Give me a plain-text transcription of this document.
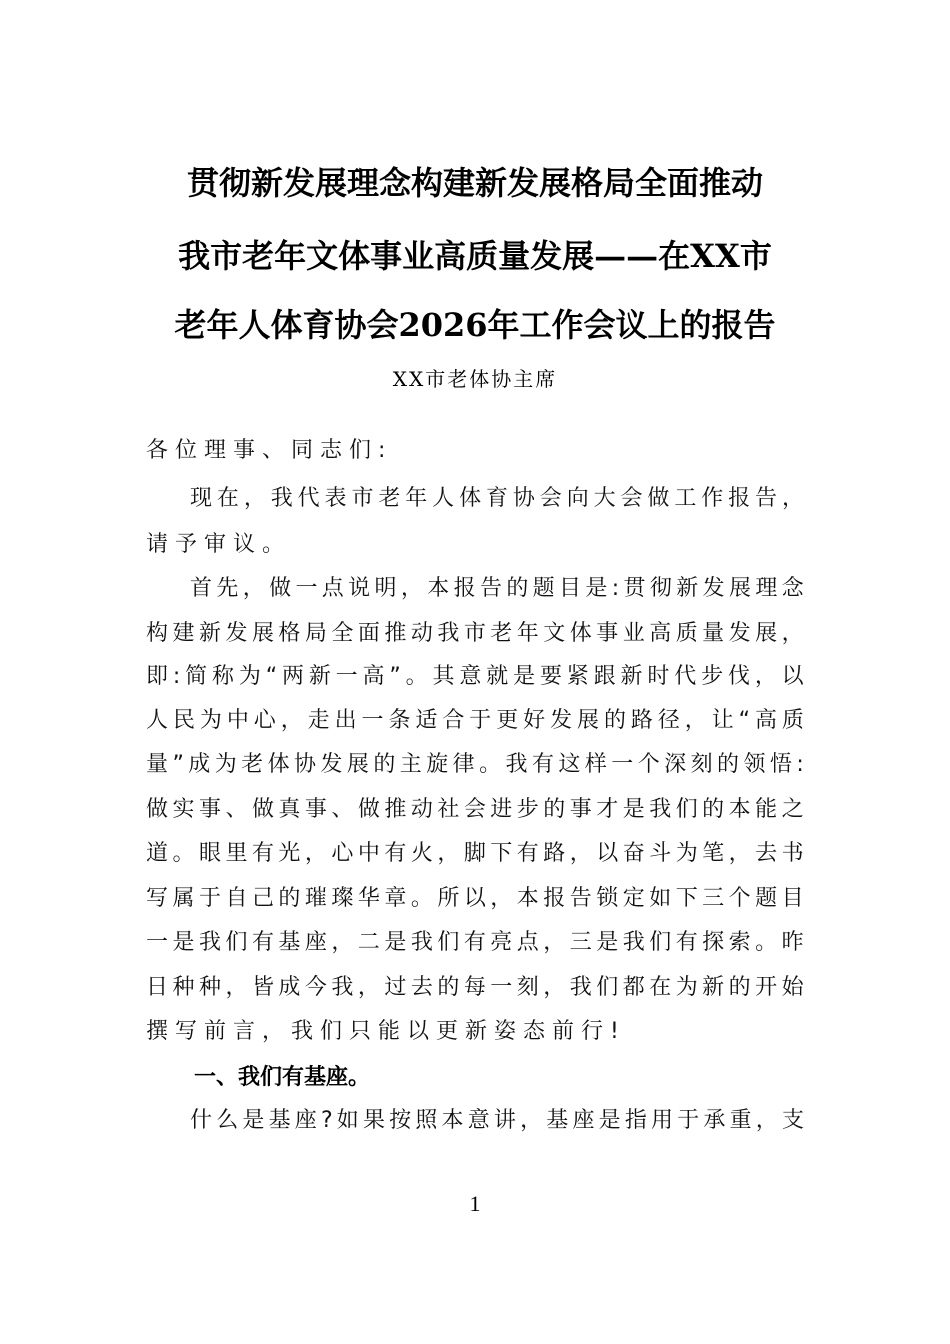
贯彻新发展理念构建新发展格局全面推动
我市老年文体事业高质量发展——在XX市
老年人体育协会2026年工作会议上的报告
XX市老体协主席
各位理事、同志们:
现 在 ， 我 代 表 市 老 年 人 体 育 协 会 向 大 会 做 工 作 报 告 ，
请予审议。
首 先 ， 做 一 点 说 明 ， 本 报 告 的 题 目 是 : 贯 彻 新 发 展 理 念
构 建 新 发 展 格 局 全 面 推 动 我 市 老 年 文 体 事 业 高 质 量 发 展 ，
即 : 简 称 为 “ 两 新 一 高 ” 。 其 意 就 是 要 紧 跟 新 时 代 步 伐 ， 以
人 民 为 中 心 ， 走 出 一 条 适 合 于 更 好 发 展 的 路 径 ， 让 “ 高 质
量 ” 成 为 老 体 协 发 展 的 主 旋 律 。 我 有 这 样 一 个 深 刻 的 领 悟 :
做 实 事 、 做 真 事 、 做 推 动 社 会 进 步 的 事 才 是 我 们 的 本 能 之
道 。 眼 里 有 光 ， 心 中 有 火 ， 脚 下 有 路 ， 以 奋 斗 为 笔 ， 去 书
写 属 于 自 己 的 璀 璨 华 章 。 所 以 ， 本 报 告 锁 定 如 下 三 个 题 目
一 是 我 们 有 基 座 ， 二 是 我 们 有 亮 点 ， 三 是 我 们 有 探 索 。 昨
日 种 种 ， 皆 成 今 我 ， 过 去 的 每 一 刻 ， 我 们 都 在 为 新 的 开 始
撰写前言，我们只能以更新姿态前行!
一、我们有基座。
什 么 是 基 座 ? 如 果 按 照 本 意 讲 ， 基 座 是 指 用 于 承 重 ， 支
1
